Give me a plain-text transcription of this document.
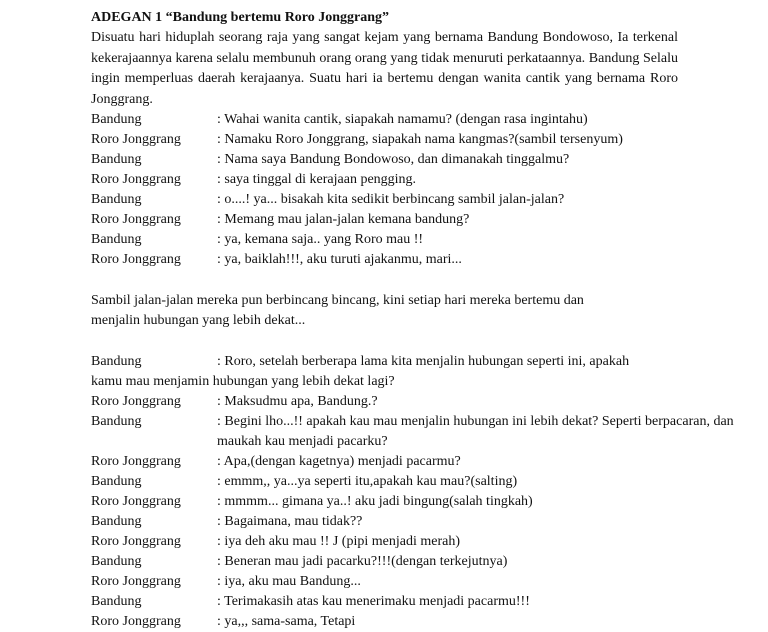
ADEGAN 1 “Bandung bertemu Roro Jonggrang”

Disuatu hari hiduplah seorang raja yang sangat kejam yang bernama Bandung Bondowoso, Ia terkenal kekerajaannya karena selalu membunuh orang orang yang tidak menuruti perkataannya. Bandung Selalu ingin memperluas daerah kerajaanya. Suatu hari ia bertemu dengan wanita cantik yang bernama Roro Jonggrang.

Bandung	: Wahai wanita cantik, siapakah namamu? (dengan rasa ingintahu)
Roro Jonggrang	: Namaku Roro Jonggrang, siapakah nama kangmas?(sambil tersenyum)
Bandung	: Nama saya Bandung Bondowoso, dan dimanakah tinggalmu?
Roro Jonggrang	: saya tinggal di kerajaan pengging.
Bandung	: o....! ya... bisakah kita sedikit berbincang sambil jalan-jalan?
Roro Jonggrang	: Memang mau jalan-jalan kemana bandung?
Bandung	: ya, kemana saja.. yang Roro mau !!
Roro Jonggrang	: ya, baiklah!!!, aku turuti ajakanmu, mari...
Sambil jalan-jalan mereka pun berbincang bincang, kini setiap hari mereka bertemu dan
menjalin hubungan yang lebih dekat...
Bandung	: Roro, setelah berberapa lama kita menjalin hubungan seperti ini, apakah
kamu mau menjamin hubungan yang lebih dekat lagi?
Roro Jonggrang	: Maksudmu apa, Bandung.?
Bandung	: Begini lho...!! apakah kau mau menjalin hubungan ini lebih dekat? Seperti berpacaran, dan maukah kau menjadi pacarku?
Roro Jonggrang	: Apa,(dengan kagetnya) menjadi pacarmu?
Bandung	: emmm,, ya...ya seperti itu,apakah kau mau?(salting)
Roro Jonggrang	: mmmm... gimana ya..! aku jadi bingung(salah tingkah)
Bandung	: Bagaimana, mau tidak??
Roro Jonggrang	: iya deh aku mau !! J (pipi menjadi merah)
Bandung	: Beneran mau jadi pacarku?!!!(dengan terkejutnya)
Roro Jonggrang	: iya, aku mau Bandung...
Bandung	: Terimakasih atas kau menerimaku menjadi pacarmu!!!
Roro Jonggrang	: ya,,, sama-sama, Tetapi
